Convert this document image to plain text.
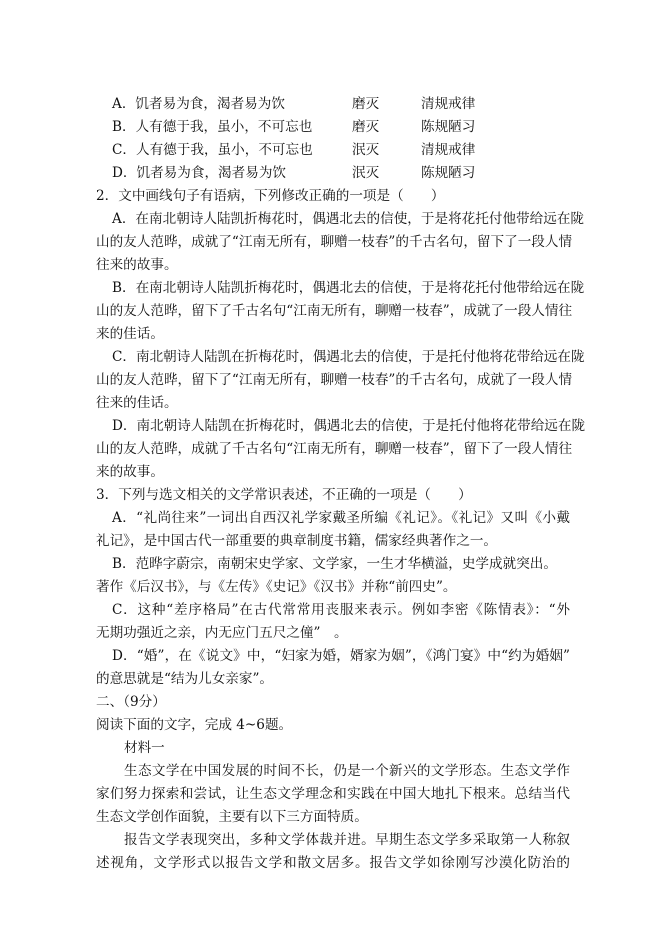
A．饥者易为食，渴者易为饮	磨灭	清规戒律
B．人有德于我，虽小，不可忘也	磨灭	陈规陋习
C．人有德于我，虽小，不可忘也	泯灭	清规戒律
D．饥者易为食，渴者易为饮	泯灭	陈规陋习
2．文中画线句子有语病，下列修改正确的一项是（　　）
A．在南北朝诗人陆凯折梅花时，偶遇北去的信使，于是将花托付他带给远在陇
山的友人范晔，成就了“江南无所有，聊赠一枝春”的千古名句，留下了一段人情
往来的故事。
B．在南北朝诗人陆凯折梅花时，偶遇北去的信使，于是将花托付他带给远在陇
山的友人范晔，留下了千古名句“江南无所有，聊赠一枝春”，成就了一段人情往
来的佳话。
C．南北朝诗人陆凯在折梅花时，偶遇北去的信使，于是托付他将花带给远在陇
山的友人范晔，留下了“江南无所有，聊赠一枝春”的千古名句，成就了一段人情
往来的佳话。
D．南北朝诗人陆凯在折梅花时，偶遇北去的信使，于是托付他将花带给远在陇
山的友人范晔，成就了千古名句“江南无所有，聊赠一枝春”，留下了一段人情往
来的故事。
3．下列与选文相关的文学常识表述，不正确的一项是（　　）
A．“礼尚往来”一词出自西汉礼学家戴圣所编《礼记》。《礼记》又叫《小戴
礼记》，是中国古代一部重要的典章制度书籍，儒家经典著作之一。
B．范晔字蔚宗，南朝宋史学家、文学家，一生才华横溢，史学成就突出。
著作《后汉书》，与《左传》《史记》《汉书》并称“前四史”。
C．这种“差序格局”在古代常常用丧服来表示。例如李密《陈情表》：“外
无期功强近之亲，内无应门五尺之僮”　。
D．“婚”，在《说文》中，“妇家为婚，婿家为姻”，《鸿门宴》中“约为婚姻”
的意思就是“结为儿女亲家”。
二、（9分）
阅读下面的文字，完成 4~6题。
材料一
生态文学在中国发展的时间不长，仍是一个新兴的文学形态。生态文学作
家们努力探索和尝试，让生态文学理念和实践在中国大地扎下根来。总结当代
生态文学创作面貌，主要有以下三方面特质。
报告文学表现突出，多种文学体裁并进。早期生态文学多采取第一人称叙
述视角，文学形式以报告文学和散文居多。报告文学如徐刚写沙漠化防治的
